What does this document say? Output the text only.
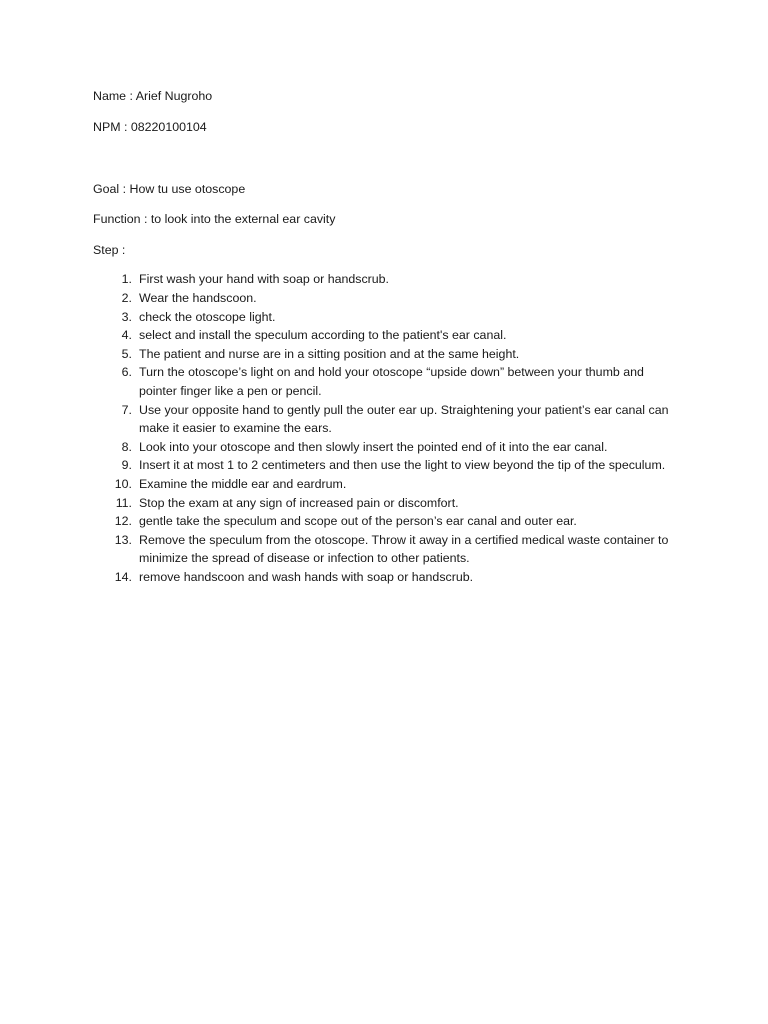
Name : Arief Nugroho

NPM : 08220100104

Goal : How tu use otoscope

Function : to look into the external ear cavity

Step :

1. First wash your hand with soap or handscrub.
2. Wear the handscoon.
3. check the otoscope light.
4. select and install the speculum according to the patient's ear canal.
5. The patient and nurse are in a sitting position and at the same height.
6. Turn the otoscope’s light on and hold your otoscope “upside down” between your thumb and pointer finger like a pen or pencil.
7. Use your opposite hand to gently pull the outer ear up. Straightening your patient’s ear canal can make it easier to examine the ears.
8. Look into your otoscope and then slowly insert the pointed end of it into the ear canal.
9. Insert it at most 1 to 2 centimeters and then use the light to view beyond the tip of the speculum.
10. Examine the middle ear and eardrum.
11. Stop the exam at any sign of increased pain or discomfort.
12. gentle take the speculum and scope out of the person’s ear canal and outer ear.
13. Remove the speculum from the otoscope. Throw it away in a certified medical waste container to minimize the spread of disease or infection to other patients.
14. remove handscoon and wash hands with soap or handscrub.
